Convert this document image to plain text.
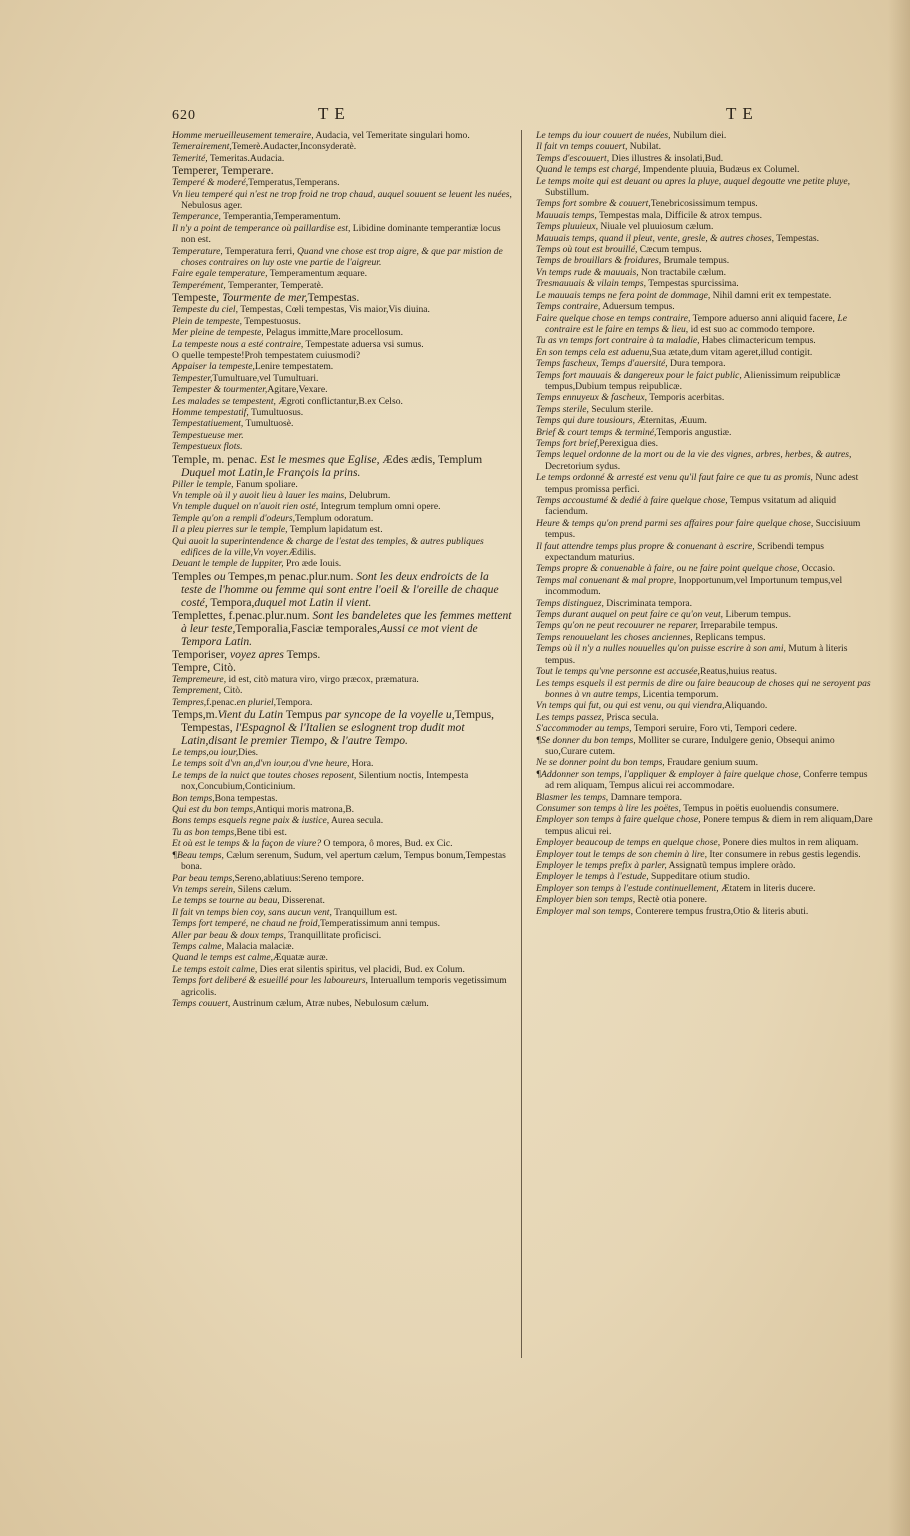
620	T E	T E
Homme merueilleusement temeraire, Audacia, vel Temeritate singulari homo.
Temerairement,Temerè.Audacter,Inconsyderatè.
Temerité, Temeritas.Audacia.
Temperer, Temperare.
Temperé & moderé,Temperatus,Temperans.
Vn lieu temperé qui n'est ne trop froid ne trop chaud, auquel souuent se leuent les nuées, Nebulosus ager.
Temperance, Temperantia,Temperamentum.
Il n'y a point de temperance où paillardise est, Libidine dominante temperantiæ locus non est.
Temperature, Temperatura ferri, Quand vne chose est trop aigre, & que par mistion de choses contraires on luy oste vne partie de l'aigreur.
Faire egale temperature, Temperamentum æquare.
Temperément, Temperanter, Temperatè.
Tempeste, Tourmente de mer,Tempestas.
Tempeste du ciel, Tempestas, Cœli tempestas, Vis maior,Vis diuina.
Plein de tempeste, Tempestuosus.
Mer pleine de tempeste, Pelagus immitte,Mare procellosum.
La tempeste nous a esté contraire, Tempestate aduersa vsi sumus.
O quelle tempeste!Proh tempestatem cuiusmodi?
Appaiser la tempeste,Lenire tempestatem.
Tempester,Tumultuare,vel Tumultuari.
Tempester & tourmenter,Agitare,Vexare.
Les malades se tempestent, Ægroti conflictantur,B.ex Celso.
Homme tempestatif, Tumultuosus.
Tempestatiuement, Tumultuosè.
Tempestueuse mer.
Tempestueux flots.
Temple, m. penac. Est le mesmes que Eglise, Ædes ædis, Templum Duquel mot Latin,le François la prins.
Piller le temple, Fanum spoliare.
Vn temple où il y auoit lieu à lauer les mains, Delubrum.
Vn temple duquel on n'auoit rien osté, Integrum templum omni opere.
Temple qu'on a rempli d'odeurs,Templum odoratum.
Il a pleu pierres sur le temple, Templum lapidatum est.
Qui auoit la superintendence & charge de l'estat des temples, & autres publiques edifices de la ville,Vn voyer.Ædilis.
Deuant le temple de Iuppiter, Pro æde Iouis.
Temples ou Tempes,m penac.plur.num. Sont les deux endroicts de la teste de l'homme ou femme qui sont entre l'oeil & l'oreille de chaque costé, Tempora,duquel mot Latin il vient.
Templettes, f.penac.plur.num. Sont les bandeletes que les femmes mettent à leur teste,Temporalia,Fasciæ temporales,Aussi ce mot vient de Tempora Latin.
Temporiser, voyez apres Temps.
Tempre, Citò.
Tempremeure, id est, citò matura viro, virgo præcox, præmatura.
Temprement, Citò.
Tempres,f.penac.en pluriel,Tempora.
Temps,m.Vient du Latin Tempus par syncope de la voyelle u,Tempus, Tempestas, l'Espagnol & l'Italien se eslognent trop dudit mot Latin,disant le premier Tiempo, & l'autre Tempo.
Le temps,ou iour,Dies.
Le temps soit d'vn an,d'vn iour,ou d'vne heure, Hora.
Le temps de la nuict que toutes choses reposent, Silentium noctis, Intempesta nox,Concubium,Conticinium.
Bon temps,Bona tempestas.
Qui est du bon temps,Antiqui moris matrona,B.
Bons temps esquels regne paix & iustice, Aurea secula.
Tu as bon temps,Bene tibi est.
Et où est le temps & la façon de viure? O tempora, ô mores, Bud. ex Cic.
¶Beau temps, Cælum serenum, Sudum, vel apertum cælum, Tempus bonum,Tempestas bona.
Par beau temps,Sereno,ablatiuus:Sereno tempore.
Vn temps serein, Silens cælum.
Le temps se tourne au beau, Disserenat.
Il fait vn temps bien coy, sans aucun vent, Tranquillum est.
Temps fort temperé, ne chaud ne froid,Temperatissimum anni tempus.
Aller par beau & doux temps, Tranquillitate proficisci.
Temps calme, Malacia malaciæ.
Quand le temps est calme,Æquatæ auræ.
Le temps estoit calme, Dies erat silentis spiritus, vel placidi, Bud. ex Colum.
Temps fort deliberé & esueillé pour les laboureurs, Interuallum temporis vegetissimum agricolis.
Temps couuert, Austrinum cælum, Atræ nubes, Nebulosum cælum.
Le temps du iour couuert de nuées, Nubilum diei.
Il fait vn temps couuert, Nubilat.
Temps d'escouuert, Dies illustres & insolati,Bud.
Quand le temps est chargé, Impendente pluuia, Budæus ex Columel.
Le temps moite qui est deuant ou apres la pluye, auquel degoutte vne petite pluye, Substillum.
Temps fort sombre & couuert,Tenebricosissimum tempus.
Mauuais temps, Tempestas mala, Difficile & atrox tempus.
Temps pluuieux, Niuale vel pluuiosum cælum.
Mauuais temps, quand il pleut, vente, gresle, & autres choses, Tempestas.
Temps où tout est brouillé, Cæcum tempus.
Temps de brouillars & froidures, Brumale tempus.
Vn temps rude & mauuais, Non tractabile cælum.
Tresmauuais & vilain temps, Tempestas spurcissima.
Le mauuais temps ne fera point de dommage, Nihil damni erit ex tempestate.
Temps contraire, Aduersum tempus.
Faire quelque chose en temps contraire, Tempore aduerso anni aliquid facere, Le contraire est le faire en temps & lieu, id est suo ac commodo tempore.
Tu as vn temps fort contraire à ta maladie, Habes climactericum tempus.
En son temps cela est aduenu,Sua ætate,dum vitam ageret,illud contigit.
Temps fascheux, Temps d'auersité, Dura tempora.
Temps fort mauuais & dangereux pour le faict public, Alienissimum reipublicæ tempus,Dubium tempus reipublicæ.
Temps ennuyeux & fascheux, Temporis acerbitas.
Temps sterile, Seculum sterile.
Temps qui dure tousiours, Æternitas, Æuum.
Brief & court temps & terminé,Temporis angustiæ.
Temps fort brief,Perexigua dies.
Temps lequel ordonne de la mort ou de la vie des vignes, arbres, herbes, & autres, Decretorium sydus.
Le temps ordonné & arresté est venu qu'il faut faire ce que tu as promis, Nunc adest tempus promissa perfici.
Temps accoustumé & dedié à faire quelque chose, Tempus vsitatum ad aliquid faciendum.
Heure & temps qu'on prend parmi ses affaires pour faire quelque chose, Succisiuum tempus.
Il faut attendre temps plus propre & conuenant à escrire, Scribendi tempus expectandum maturius.
Temps propre & conuenable à faire, ou ne faire point quelque chose, Occasio.
Temps mal conuenant & mal propre, Inopportunum,vel Importunum tempus,vel incommodum.
Temps distinguez, Discriminata tempora.
Temps durant auquel on peut faire ce qu'on veut, Liberum tempus.
Temps qu'on ne peut recouurer ne reparer, Irreparabile tempus.
Temps renouuelant les choses anciennes, Replicans tempus.
Temps où il n'y a nulles nouuelles qu'on puisse escrire à son ami, Mutum à literis tempus.
Tout le temps qu'vne personne est accusée,Reatus,huius reatus.
Les temps esquels il est permis de dire ou faire beaucoup de choses qui ne seroyent pas bonnes à vn autre temps, Licentia temporum.
Vn temps qui fut, ou qui est venu, ou qui viendra,Aliquando.
Les temps passez, Prisca secula.
S'accommoder au temps, Tempori seruire, Foro vti, Tempori cedere.
¶Se donner du bon temps, Molliter se curare, Indulgere genio, Obsequi animo suo,Curare cutem.
Ne se donner point du bon temps, Fraudare genium suum.
¶Addonner son temps, l'appliquer & employer à faire quelque chose, Conferre tempus ad rem aliquam, Tempus alicui rei accommodare.
Blasmer les temps, Damnare tempora.
Consumer son temps à lire les poëtes, Tempus in poëtis euoluendis consumere.
Employer son temps à faire quelque chose, Ponere tempus & diem in rem aliquam,Dare tempus alicui rei.
Employer beaucoup de temps en quelque chose, Ponere dies multos in rem aliquam.
Employer tout le temps de son chemin à lire, Iter consumere in rebus gestis legendis.
Employer le temps prefix à parler, Assignatũ tempus implere oràdo.
Employer le temps à l'estude, Suppeditare otium studio.
Employer son temps à l'estude continuellement, Ætatem in literis ducere.
Employer bien son temps, Rectè otia ponere.
Employer mal son temps, Conterere tempus frustra,Otio & literis abuti.
